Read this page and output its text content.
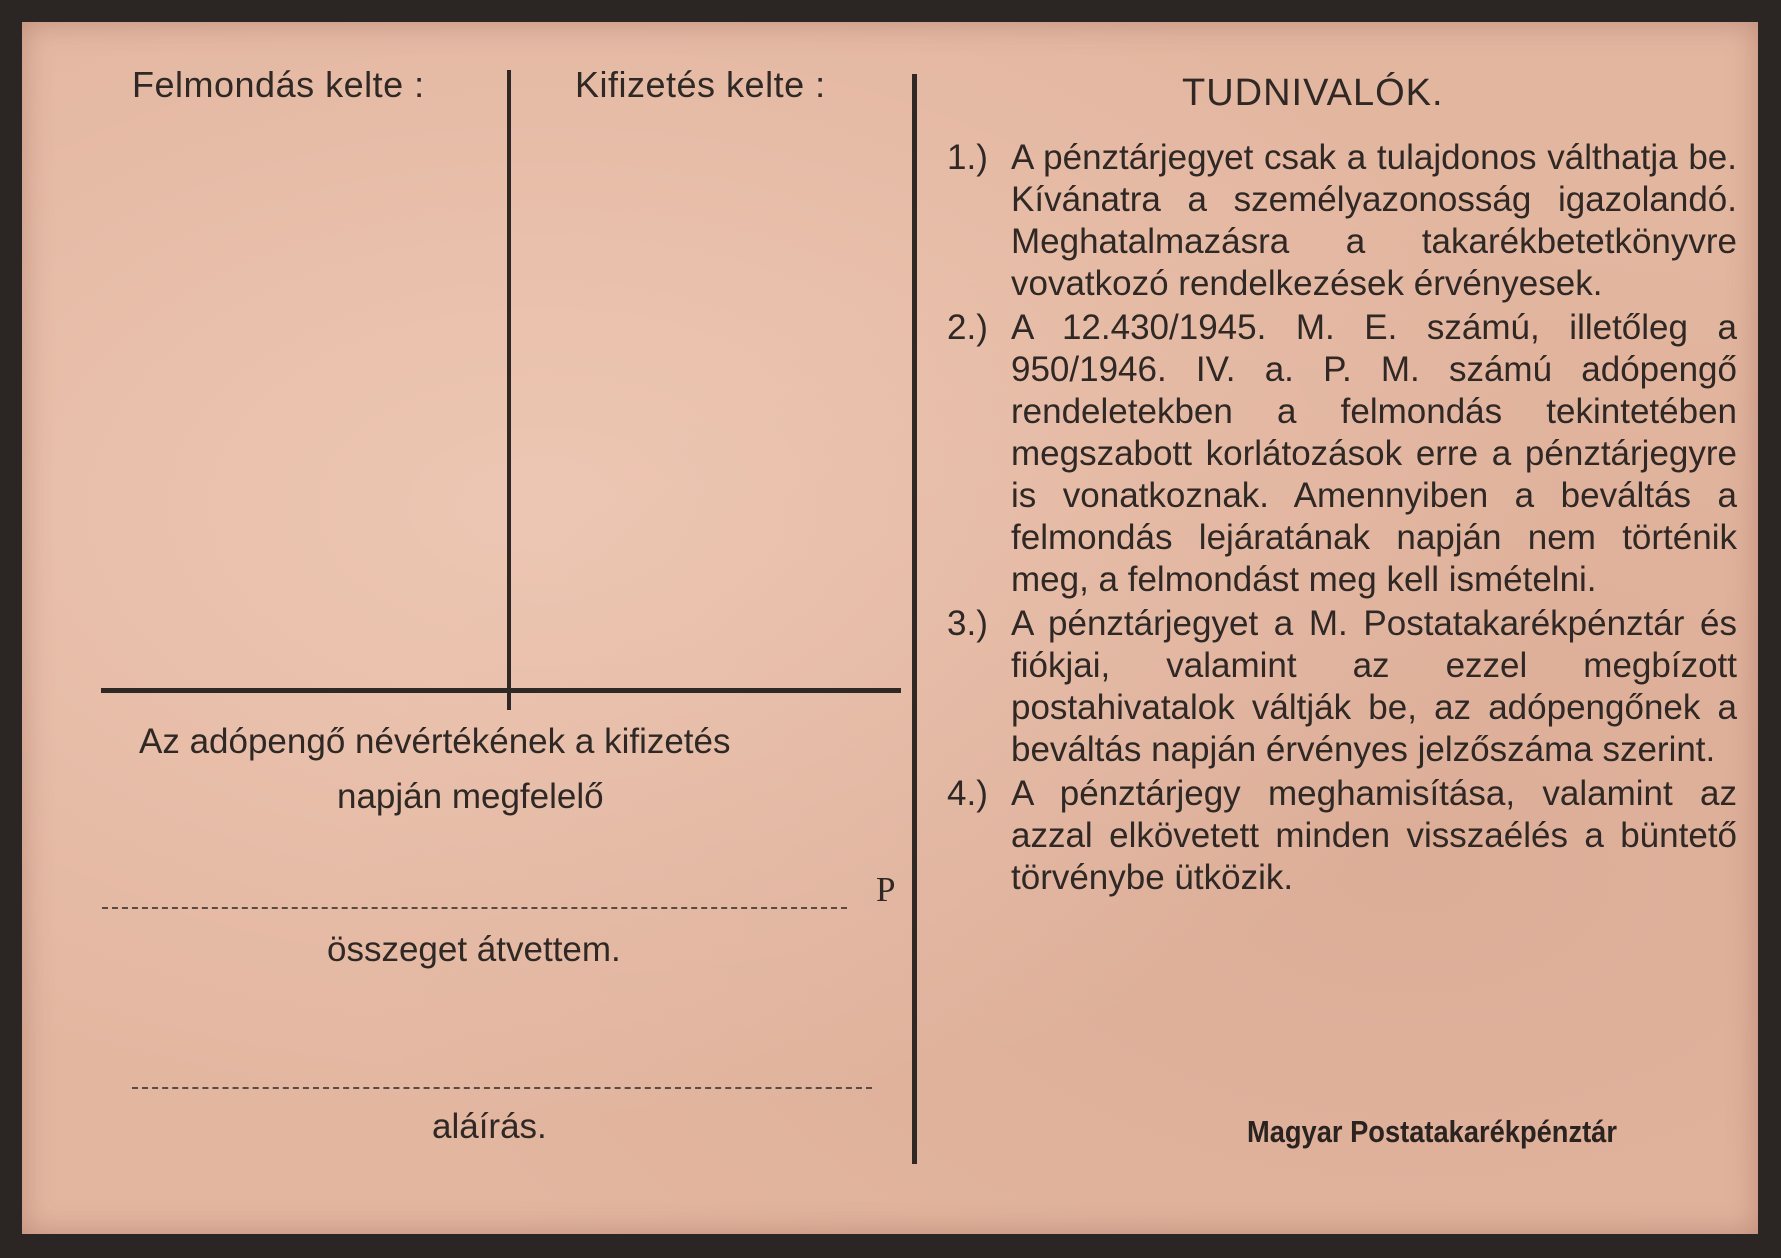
Felmondás kelte :	Kifizetés kelte :
Az adópengő névértékének a kifizetés
napján megfelelő
P
összeget átvettem.
aláírás.
TUDNIVALÓK.
1.) A pénztárjegyet csak a tulajdonos válthatja be. Kívánatra a személyazonosság igazolandó. Meghatalmazásra a takarékbetetkönyvre vovatkozó rendelkezések érvényesek.
2.) A 12.430/1945. M. E. számú, illetőleg a 950/1946. IV. a. P. M. számú adópengő rendeletekben a felmondás tekintetében megszabott korlátozások erre a pénztárjegyre is vonatkoznak. Amennyiben a beváltás a felmondás lejáratának napján nem történik meg, a felmondást meg kell ismételni.
3.) A pénztárjegyet a M. Postatakarékpénztár és fiókjai, valamint az ezzel megbízott postahivatalok váltják be, az adópengőnek a beváltás napján érvényes jelzőszáma szerint.
4.) A pénztárjegy meghamisítása, valamint az azzal elkövetett minden visszaélés a büntető törvénybe ütközik.
Magyar Postatakarékpénztár
